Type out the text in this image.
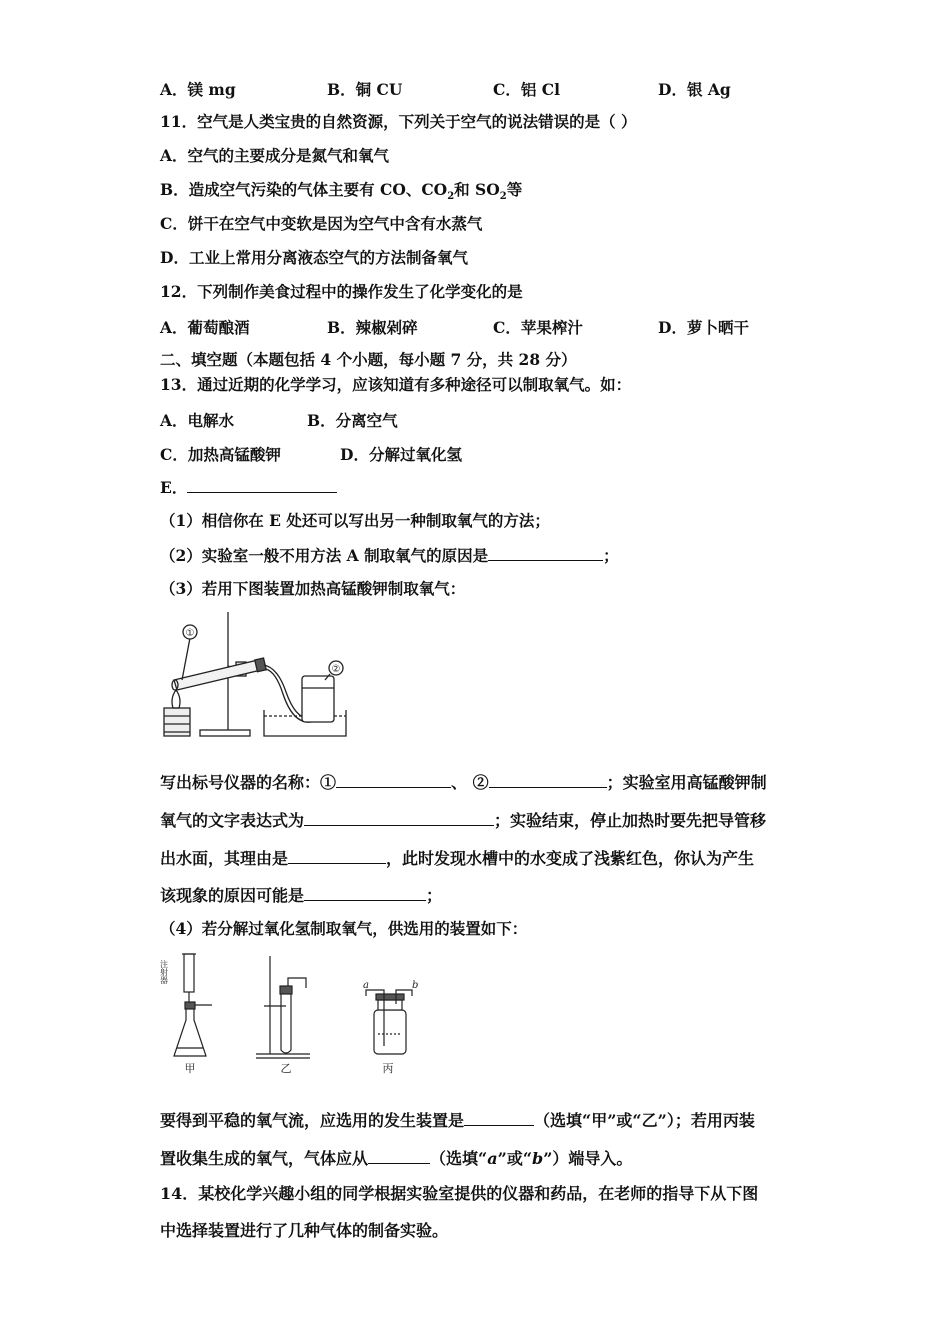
A．镁 mg	B．铜 CU	C．铝 Cl	D．银 Ag
11．空气是人类宝贵的自然资源，下列关于空气的说法错误的是（ ）
A．空气的主要成分是氮气和氧气
B．造成空气污染的气体主要有 CO、$CO_2$和 $SO_2$等
C．饼干在空气中变软是因为空气中含有水蒸气
D．工业上常用分离液态空气的方法制备氧气
12．下列制作美食过程中的操作发生了化学变化的是
A．葡萄酿酒	B．辣椒剁碎	C．苹果榨汁	D．萝卜晒干
二、填空题（本题包括 4 个小题，每小题 7 分，共 28 分）
13．通过近期的化学学习，应该知道有多种途径可以制取氧气。如：
A．电解水	B．分离空气
C．加热高锰酸钾	D．分解过氧化氢
E．
（1）相信你在 E 处还可以写出另一种制取氧气的方法；
（2）实验室一般不用方法 A 制取氧气的原因是	；
（3）若用下图装置加热高锰酸钾制取氧气：
①
②
写出标号仪器的名称：①	、 ②	；实验室用高锰酸钾制
氧气的文字表达式为	；实验结束，停止加热时要先把导管移
出水面，其理由是	，此时发现水槽中的水变成了浅紫红色，你认为产生
该现象的原因可能是	；
（4）若分解过氧化氢制取氧气，供选用的装置如下：
注射器
甲	乙	丙
a	b
要得到平稳的氧气流，应选用的发生装置是	（选填“甲”或“乙”）；若用丙装
置收集生成的氧气，气体应从	（选填“a”或“b”）端导入。
14．某校化学兴趣小组的同学根据实验室提供的仪器和药品，在老师的指导下从下图
中选择装置进行了几种气体的制备实验。
